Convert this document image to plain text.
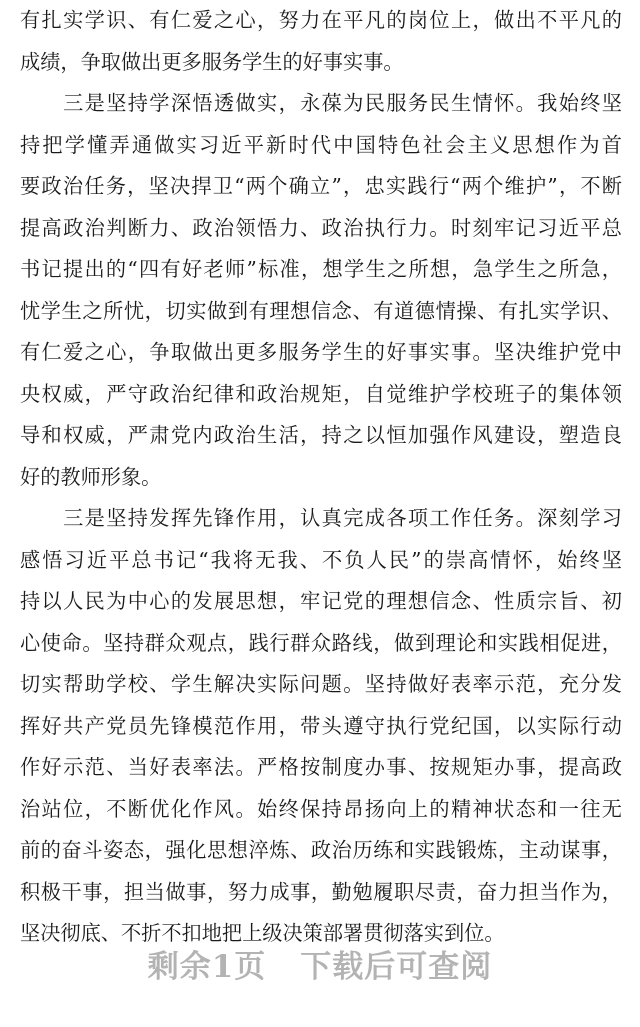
有扎实学识、有仁爱之心，努力在平凡的岗位上，做出不平凡的
成绩，争取做出更多服务学生的好事实事。
　　三是坚持学深悟透做实，永葆为民服务民生情怀。我始终坚
持把学懂弄通做实习近平新时代中国特色社会主义思想作为首
要政治任务，坚决捍卫“两个确立”，忠实践行“两个维护”，不断
提高政治判断力、政治领悟力、政治执行力。时刻牢记习近平总
书记提出的“四有好老师”标准，想学生之所想，急学生之所急，
忧学生之所忧，切实做到有理想信念、有道德情操、有扎实学识、
有仁爱之心，争取做出更多服务学生的好事实事。坚决维护党中
央权威，严守政治纪律和政治规矩，自觉维护学校班子的集体领
导和权威，严肃党内政治生活，持之以恒加强作风建设，塑造良
好的教师形象。
　　三是坚持发挥先锋作用，认真完成各项工作任务。深刻学习
感悟习近平总书记“我将无我、不负人民”的崇高情怀，始终坚
持以人民为中心的发展思想，牢记党的理想信念、性质宗旨、初
心使命。坚持群众观点，践行群众路线，做到理论和实践相促进，
切实帮助学校、学生解决实际问题。坚持做好表率示范，充分发
挥好共产党员先锋模范作用，带头遵守执行党纪国，以实际行动
作好示范、当好表率法。严格按制度办事、按规矩办事，提高政
治站位，不断优化作风。始终保持昂扬向上的精神状态和一往无
前的奋斗姿态，强化思想淬炼、政治历练和实践锻炼，主动谋事，
积极干事，担当做事，努力成事，勤勉履职尽责，奋力担当作为，
坚决彻底、不折不扣地把上级决策部署贯彻落实到位。
剩余1页 下载后可查阅
